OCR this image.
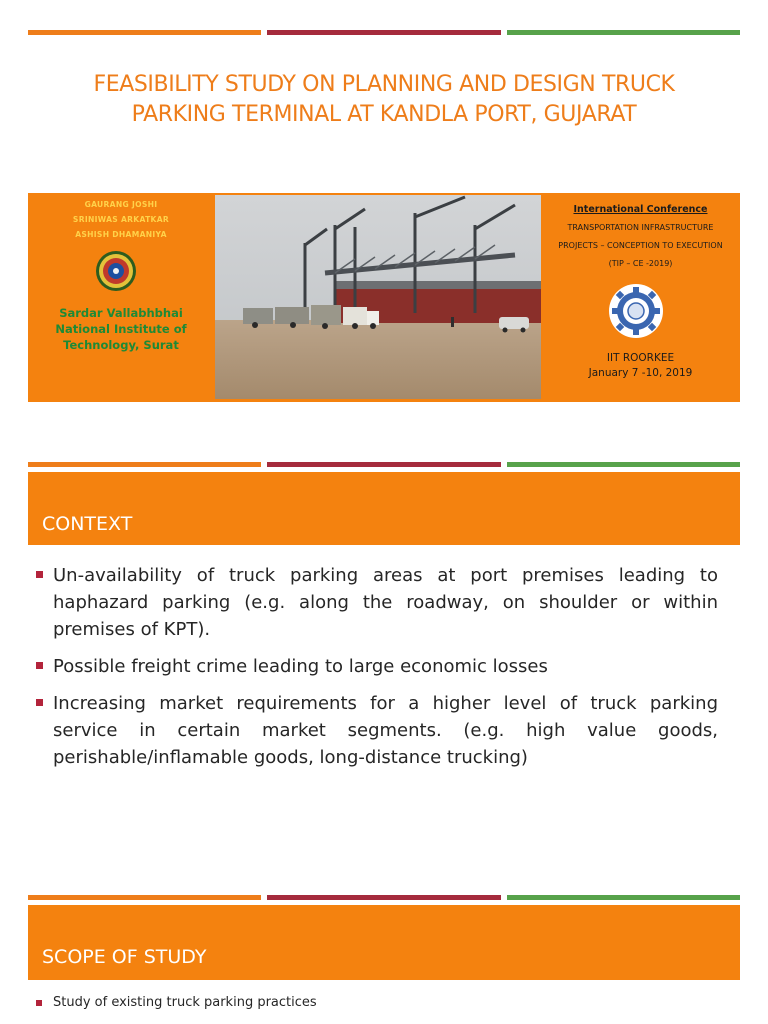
FEASIBILITY STUDY ON PLANNING AND DESIGN TRUCK
PARKING TERMINAL AT KANDLA PORT, GUJARAT
GAURANG JOSHI
SRINIWAS ARKATKAR
ASHISH DHAMANIYA
Sardar Vallabhbhai
National Institute of
Technology, Surat
International Conference
TRANSPORTATION INFRASTRUCTURE
PROJECTS – CONCEPTION TO EXECUTION
(TIP – CE -2019)
IIT ROORKEE
January 7 -10, 2019
CONTEXT
Un-availability of truck parking areas at port premises leading to haphazard parking (e.g. along the roadway, on shoulder or within premises of KPT).
Possible freight crime leading to large economic losses
Increasing market requirements for a higher level of truck parking service in certain market segments. (e.g. high value goods, perishable/inflamable goods, long-distance trucking)
SCOPE OF STUDY
Study of existing truck parking practices
